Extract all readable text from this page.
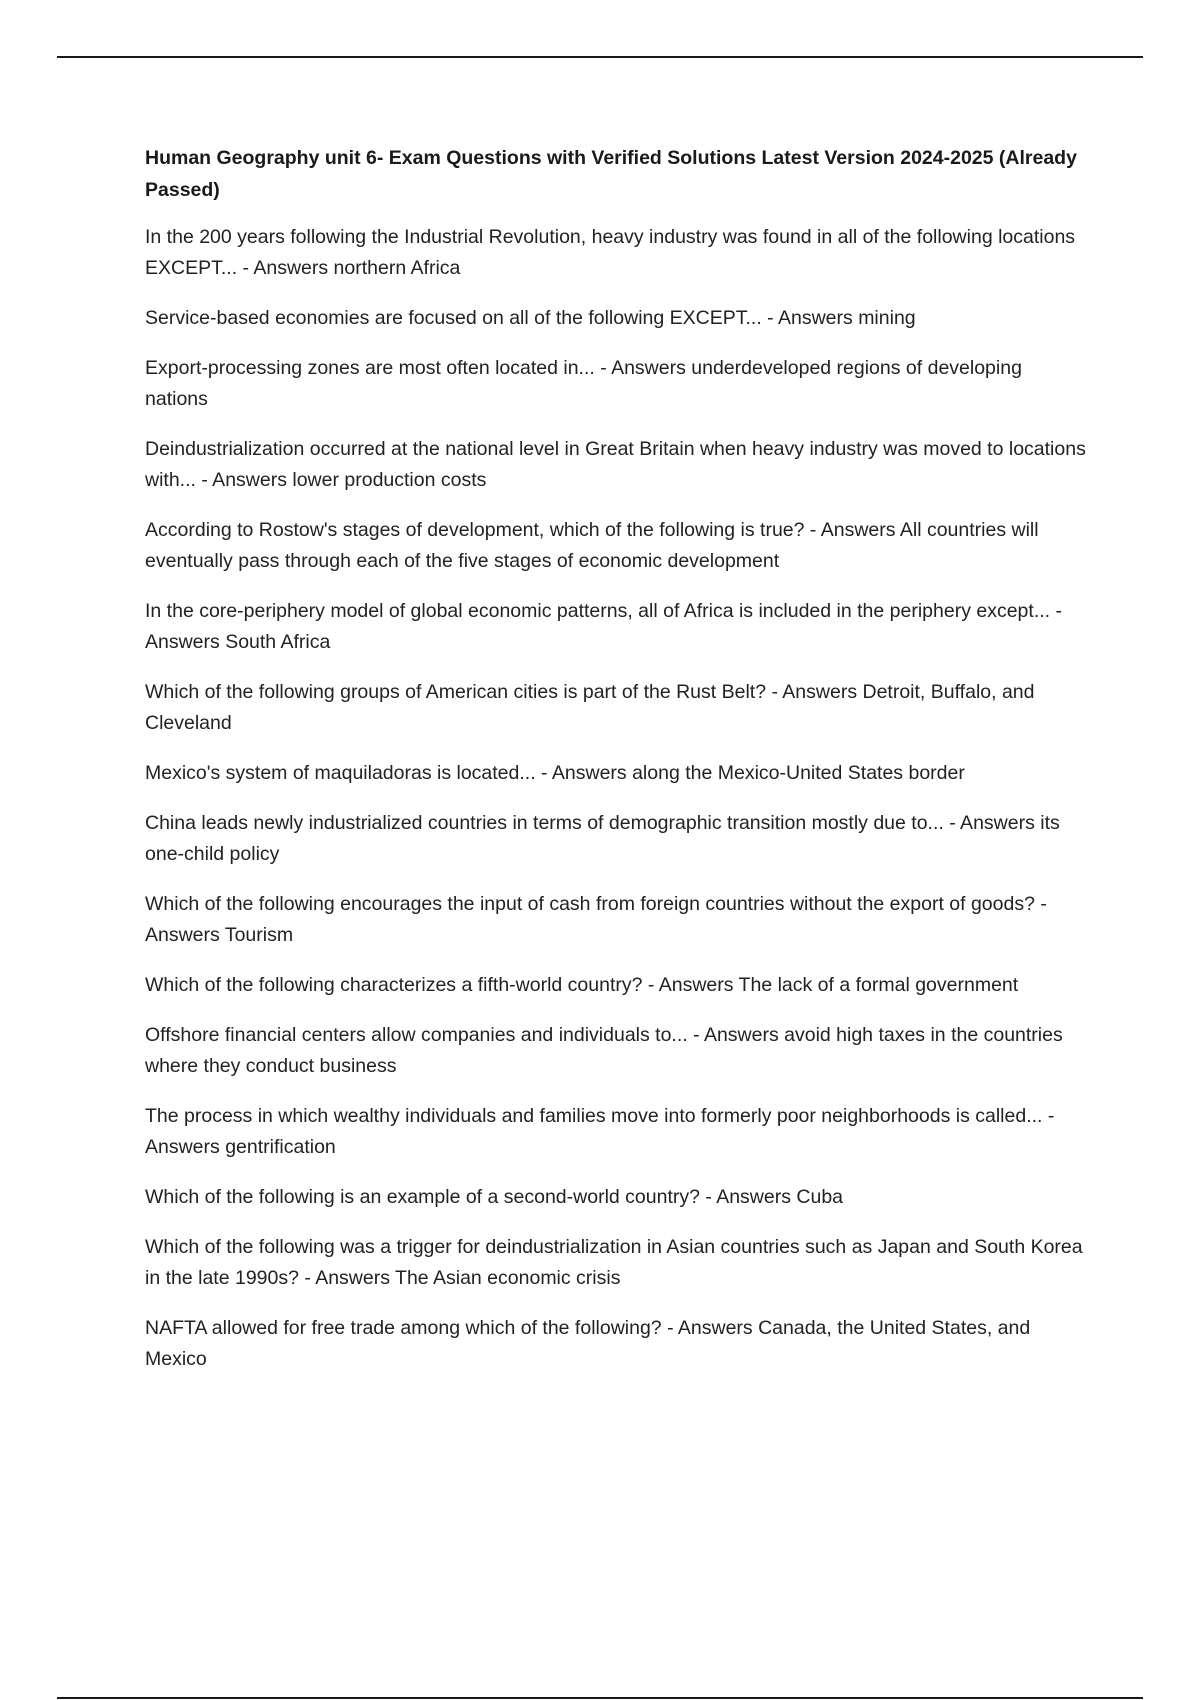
Human Geography unit 6- Exam Questions with Verified Solutions Latest Version 2024-2025 (Already Passed)

In the 200 years following the Industrial Revolution, heavy industry was found in all of the following locations EXCEPT... - Answers northern Africa

Service-based economies are focused on all of the following EXCEPT... - Answers mining

Export-processing zones are most often located in... - Answers underdeveloped regions of developing nations

Deindustrialization occurred at the national level in Great Britain when heavy industry was moved to locations with... - Answers lower production costs

According to Rostow's stages of development, which of the following is true? - Answers All countries will eventually pass through each of the five stages of economic development

In the core-periphery model of global economic patterns, all of Africa is included in the periphery except... - Answers South Africa

Which of the following groups of American cities is part of the Rust Belt? - Answers Detroit, Buffalo, and Cleveland

Mexico's system of maquiladoras is located... - Answers along the Mexico-United States border

China leads newly industrialized countries in terms of demographic transition mostly due to... - Answers its one-child policy

Which of the following encourages the input of cash from foreign countries without the export of goods? - Answers Tourism

Which of the following characterizes a fifth-world country? - Answers The lack of a formal government

Offshore financial centers allow companies and individuals to... - Answers avoid high taxes in the countries where they conduct business

The process in which wealthy individuals and families move into formerly poor neighborhoods is called... - Answers gentrification

Which of the following is an example of a second-world country? - Answers Cuba

Which of the following was a trigger for deindustrialization in Asian countries such as Japan and South Korea in the late 1990s? - Answers The Asian economic crisis

NAFTA allowed for free trade among which of the following? - Answers Canada, the United States, and Mexico
